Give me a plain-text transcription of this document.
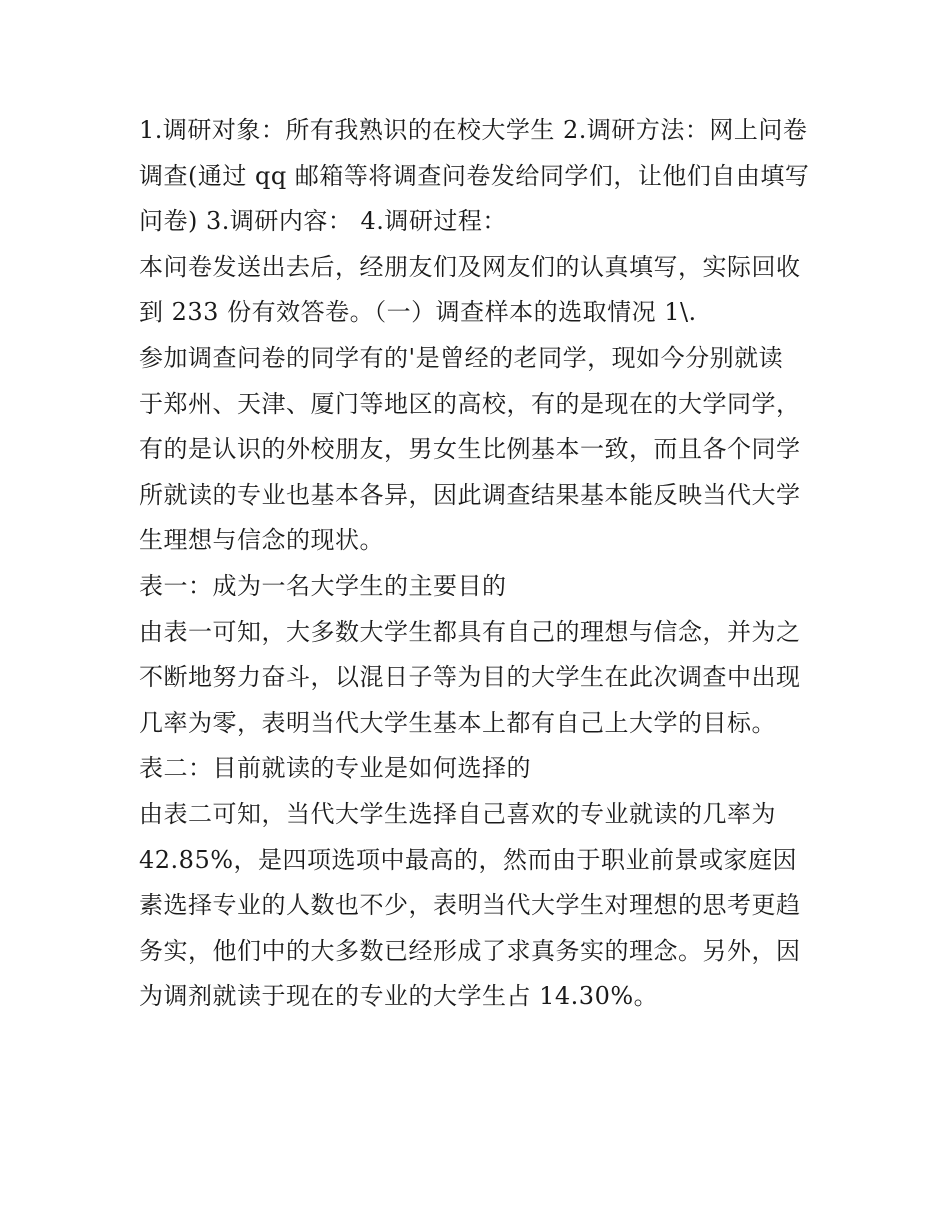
1.调研对象：所有我熟识的在校大学生 2.调研方法：网上问卷

调查(通过 qq 邮箱等将调查问卷发给同学们，让他们自由填写

问卷) 3.调研内容： 4.调研过程：

本问卷发送出去后，经朋友们及网友们的认真填写，实际回收

到 233 份有效答卷。（一）调查样本的选取情况 1\.

参加调查问卷的同学有的'是曾经的老同学，现如今分别就读

于郑州、天津、厦门等地区的高校，有的是现在的大学同学，

有的是认识的外校朋友，男女生比例基本一致，而且各个同学

所就读的专业也基本各异，因此调查结果基本能反映当代大学

生理想与信念的现状。

表一：成为一名大学生的主要目的

由表一可知，大多数大学生都具有自己的理想与信念，并为之

不断地努力奋斗，以混日子等为目的大学生在此次调查中出现

几率为零，表明当代大学生基本上都有自己上大学的目标。

表二：目前就读的专业是如何选择的

由表二可知，当代大学生选择自己喜欢的专业就读的几率为

42.85%，是四项选项中最高的，然而由于职业前景或家庭因

素选择专业的人数也不少，表明当代大学生对理想的思考更趋

务实，他们中的大多数已经形成了求真务实的理念。另外，因

为调剂就读于现在的专业的大学生占 14.30%。
